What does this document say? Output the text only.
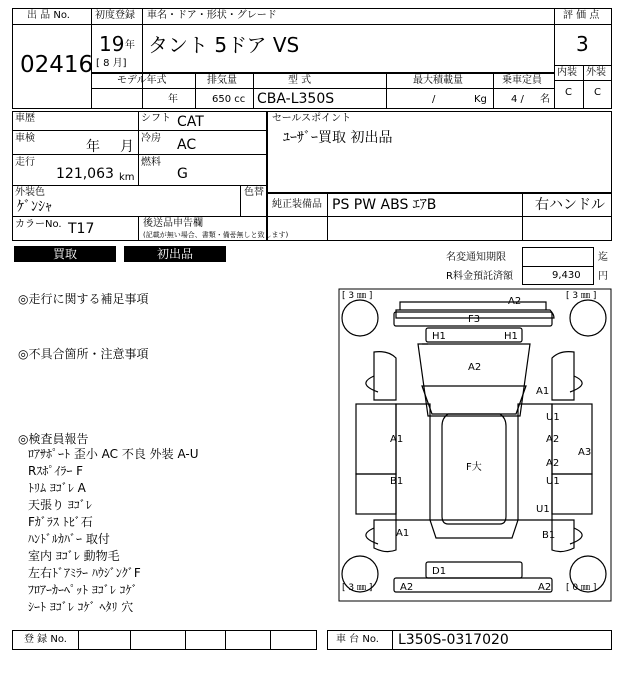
出 品 No.
02416
初度登録 車名・ドア・形状・グレード
19 年
[ 8 月]
タント 5ドア VS
評 価 点
3
内装 外装
C C
モデル年式	排気量	型 式	最大積載量	乗車定員
年	650 cc CBA-L350S	/	Kg 4 / 名
車歴	シフト CAT
車検
年 月
冷房 AC
走行
121,063 km
燃料
G
外装色
ｹﾞﾝｼｬ
色替
カラーNo. T17	後送品申告欄
(記載が無い場合、書類・備품無しと致します)
セールスポイント
ﾕｰｻﾞｰ買取 初出品
純正装備品 PS PW ABS ｴｱB	右ハンドル
買取	初出品	名変通知期限	迄
R料金預託済額	9,430 円
◎走行に関する補足事項
◎不具合箇所・注意事項
◎検査員報告
ﾛｱｻﾎﾟｰﾄ 歪小 AC 不良 外装 A-U
Rｽﾎﾟｲﾗｰ F
ﾄﾘﾑ ﾖｺﾞﾚ A
天張り ﾖｺﾞﾚ
Fｶﾞﾗｽ ﾄﾋﾞ石
ﾊﾝﾄﾞﾙｶﾊﾞｰ 取付
室内 ﾖｺﾞﾚ 動物毛
左右ﾄﾞｱﾐﾗｰ ﾊｳｼﾞﾝｸﾞF
ﾌﾛｱｰｶｰﾍﾟｯﾄ ﾖｺﾞﾚ ｺｹﾞ
ｼｰﾄ ﾖｺﾞﾚ ｺｹﾞ ﾍﾀﾘ 穴
[ 3 ㎜ ]	[ 3 ㎜ ]
[ 3 ㎜ ]	[ 0 ㎜ ]
A2
F3
H1	H1
A2
A1
U1
A1	A2
A3
F大	A2
B1	U1
U1
A1	B1
D1
A2	A2
登 録 No.	車 台 No. L350S-0317020
